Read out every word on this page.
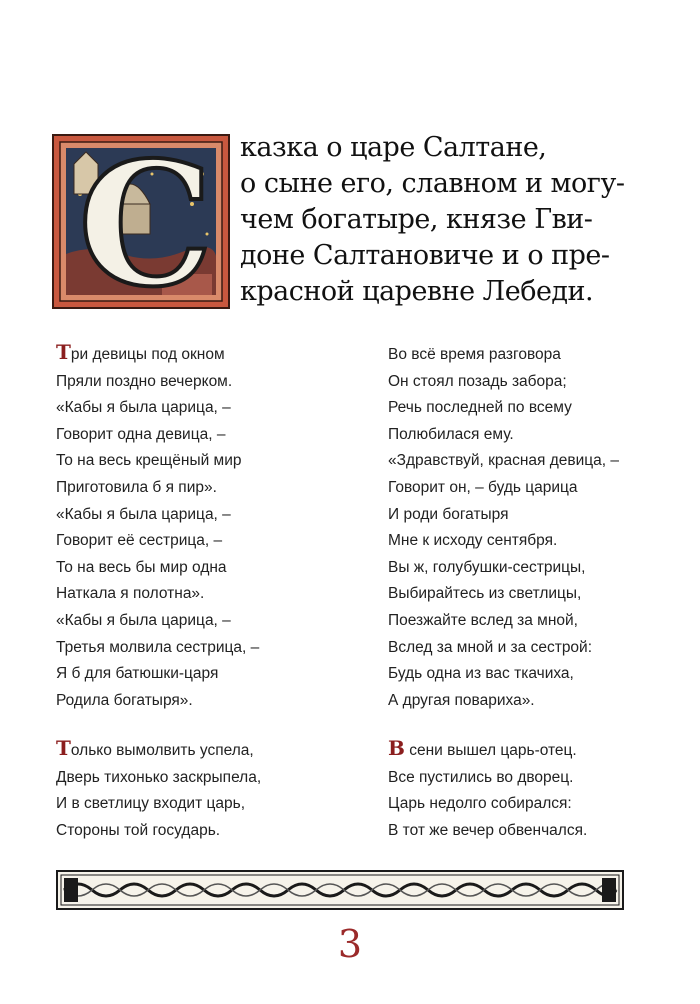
С казка о царе Салтане,
о сыне его, славном и могу-
чем богатыре, князе Гви-
доне Салтановиче и о пре-
красной царевне Лебеди.
Три девицы под окном
Пряли поздно вечерком.
«Кабы я была царица, –
Говорит одна девица, –
То на весь крещёный мир
Приготовила б я пир».
«Кабы я была царица, –
Говорит её сестрица, –
То на весь бы мир одна
Наткала я полотна».
«Кабы я была царица, –
Третья молвила сестрица, –
Я б для батюшки-царя
Родила богатыря».
Только вымолвить успела,
Дверь тихонько заскрыпела,
И в светлицу входит царь,
Стороны той государь.
Во всё время разговора
Он стоял позадь забора;
Речь последней по всему
Полюбилася ему.
«Здравствуй, красная девица, –
Говорит он, – будь царица
И роди богатыря
Мне к исходу сентября.
Вы ж, голубушки-сестрицы,
Выбирайтесь из светлицы,
Поезжайте вслед за мной,
Вслед за мной и за сестрой:
Будь одна из вас ткачиха,
А другая повариха».
В сени вышел царь-отец.
Все пустились во дворец.
Царь недолго собирался:
В тот же вечер обвенчался.
3
